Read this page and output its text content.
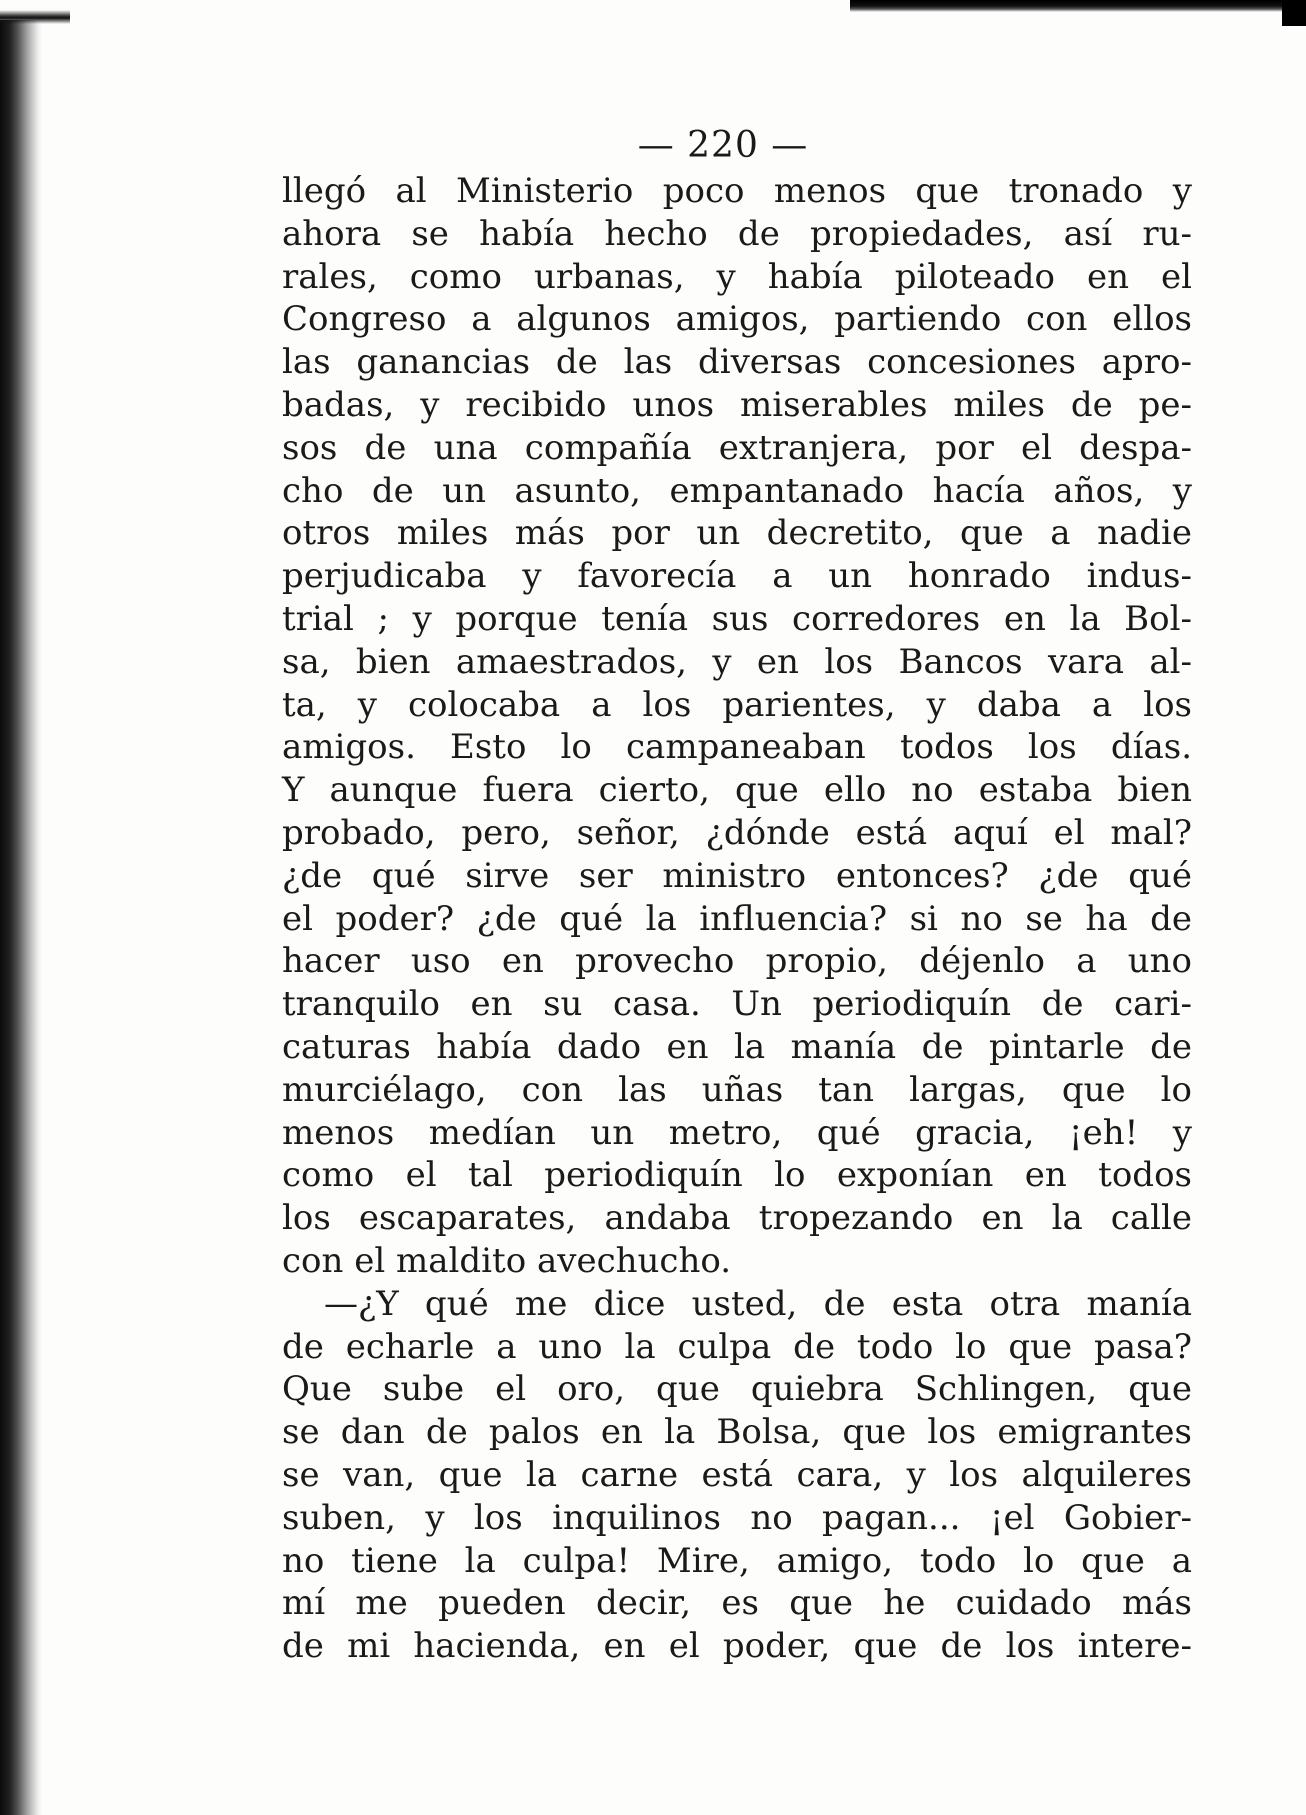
— 220 —
llegó al Ministerio poco menos que tronado y
ahora se había hecho de propiedades, así ru-
rales, como urbanas, y había piloteado en el
Congreso a algunos amigos, partiendo con ellos
las ganancias de las diversas concesiones apro-
badas, y recibido unos miserables miles de pe-
sos de una compañía extranjera, por el despa-
cho de un asunto, empantanado hacía años, y
otros miles más por un decretito, que a nadie
perjudicaba y favorecía a un honrado indus-
trial ; y porque tenía sus corredores en la Bol-
sa, bien amaestrados, y en los Bancos vara al-
ta, y colocaba a los parientes, y daba a los
amigos. Esto lo campaneaban todos los días.
Y aunque fuera cierto, que ello no estaba bien
probado, pero, señor, ¿dónde está aquí el mal?
¿de qué sirve ser ministro entonces? ¿de qué
el poder? ¿de qué la influencia? si no se ha de
hacer uso en provecho propio, déjenlo a uno
tranquilo en su casa. Un periodiquín de cari-
caturas había dado en la manía de pintarle de
murciélago, con las uñas tan largas, que lo
menos medían un metro, qué gracia, ¡eh! y
como el tal periodiquín lo exponían en todos
los escaparates, andaba tropezando en la calle
con el maldito avechucho.
—¿Y qué me dice usted, de esta otra manía
de echarle a uno la culpa de todo lo que pasa?
Que sube el oro, que quiebra Schlingen, que
se dan de palos en la Bolsa, que los emigrantes
se van, que la carne está cara, y los alquileres
suben, y los inquilinos no pagan... ¡el Gobier-
no tiene la culpa! Mire, amigo, todo lo que a
mí me pueden decir, es que he cuidado más
de mi hacienda, en el poder, que de los intere-
